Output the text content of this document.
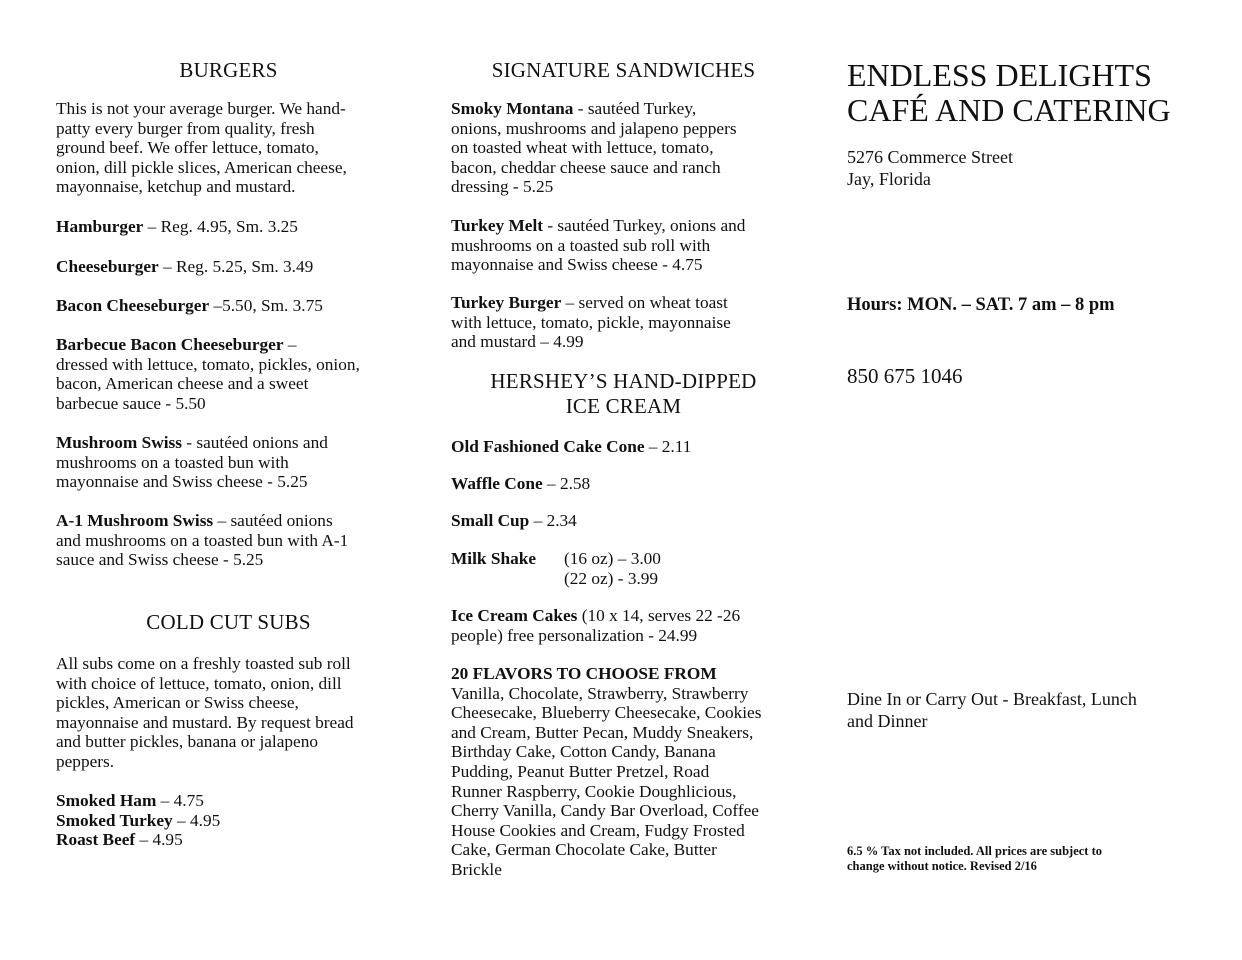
BURGERS

This is not your average burger. We hand-
patty every burger from quality, fresh
ground beef. We offer lettuce, tomato,
onion, dill pickle slices, American cheese,
mayonnaise, ketchup and mustard.

Hamburger – Reg. 4.95, Sm. 3.25

Cheeseburger – Reg. 5.25, Sm. 3.49

Bacon Cheeseburger –5.50, Sm. 3.75

Barbecue Bacon Cheeseburger –
dressed with lettuce, tomato, pickles, onion,
bacon, American cheese and a sweet
barbecue sauce - 5.50

Mushroom Swiss - sautéed onions and
mushrooms on a toasted bun with
mayonnaise and Swiss cheese - 5.25

A-1 Mushroom Swiss – sautéed onions
and mushrooms on a toasted bun with A-1
sauce and Swiss cheese - 5.25

COLD CUT SUBS

All subs come on a freshly toasted sub roll
with choice of lettuce, tomato, onion, dill
pickles, American or Swiss cheese,
mayonnaise and mustard. By request bread
and butter pickles, banana or jalapeno
peppers.

Smoked Ham – 4.75
Smoked Turkey – 4.95
Roast Beef – 4.95

SIGNATURE SANDWICHES

Smoky Montana - sautéed Turkey,
onions, mushrooms and jalapeno peppers
on toasted wheat with lettuce, tomato,
bacon, cheddar cheese sauce and ranch
dressing - 5.25

Turkey Melt - sautéed Turkey, onions and
mushrooms on a toasted sub roll with
mayonnaise and Swiss cheese - 4.75

Turkey Burger – served on wheat toast
with lettuce, tomato, pickle, mayonnaise
and mustard – 4.99

HERSHEY’S HAND-DIPPED
ICE CREAM

Old Fashioned Cake Cone – 2.11

Waffle Cone – 2.58

Small Cup – 2.34

Milk Shake (16 oz) – 3.00
(22 oz) - 3.99

Ice Cream Cakes (10 x 14, serves 22 -26
people) free personalization - 24.99

20 FLAVORS TO CHOOSE FROM
Vanilla, Chocolate, Strawberry, Strawberry
Cheesecake, Blueberry Cheesecake, Cookies
and Cream, Butter Pecan, Muddy Sneakers,
Birthday Cake, Cotton Candy, Banana
Pudding, Peanut Butter Pretzel, Road
Runner Raspberry, Cookie Doughlicious,
Cherry Vanilla, Candy Bar Overload, Coffee
House Cookies and Cream, Fudgy Frosted
Cake, German Chocolate Cake, Butter
Brickle

ENDLESS DELIGHTS
CAFÉ AND CATERING
5276 Commerce Street
Jay, Florida
Hours: MON. – SAT. 7 am – 8 pm
850 675 1046
Dine In or Carry Out - Breakfast, Lunch
and Dinner
6.5 % Tax not included. All prices are subject to
change without notice. Revised 2/16
